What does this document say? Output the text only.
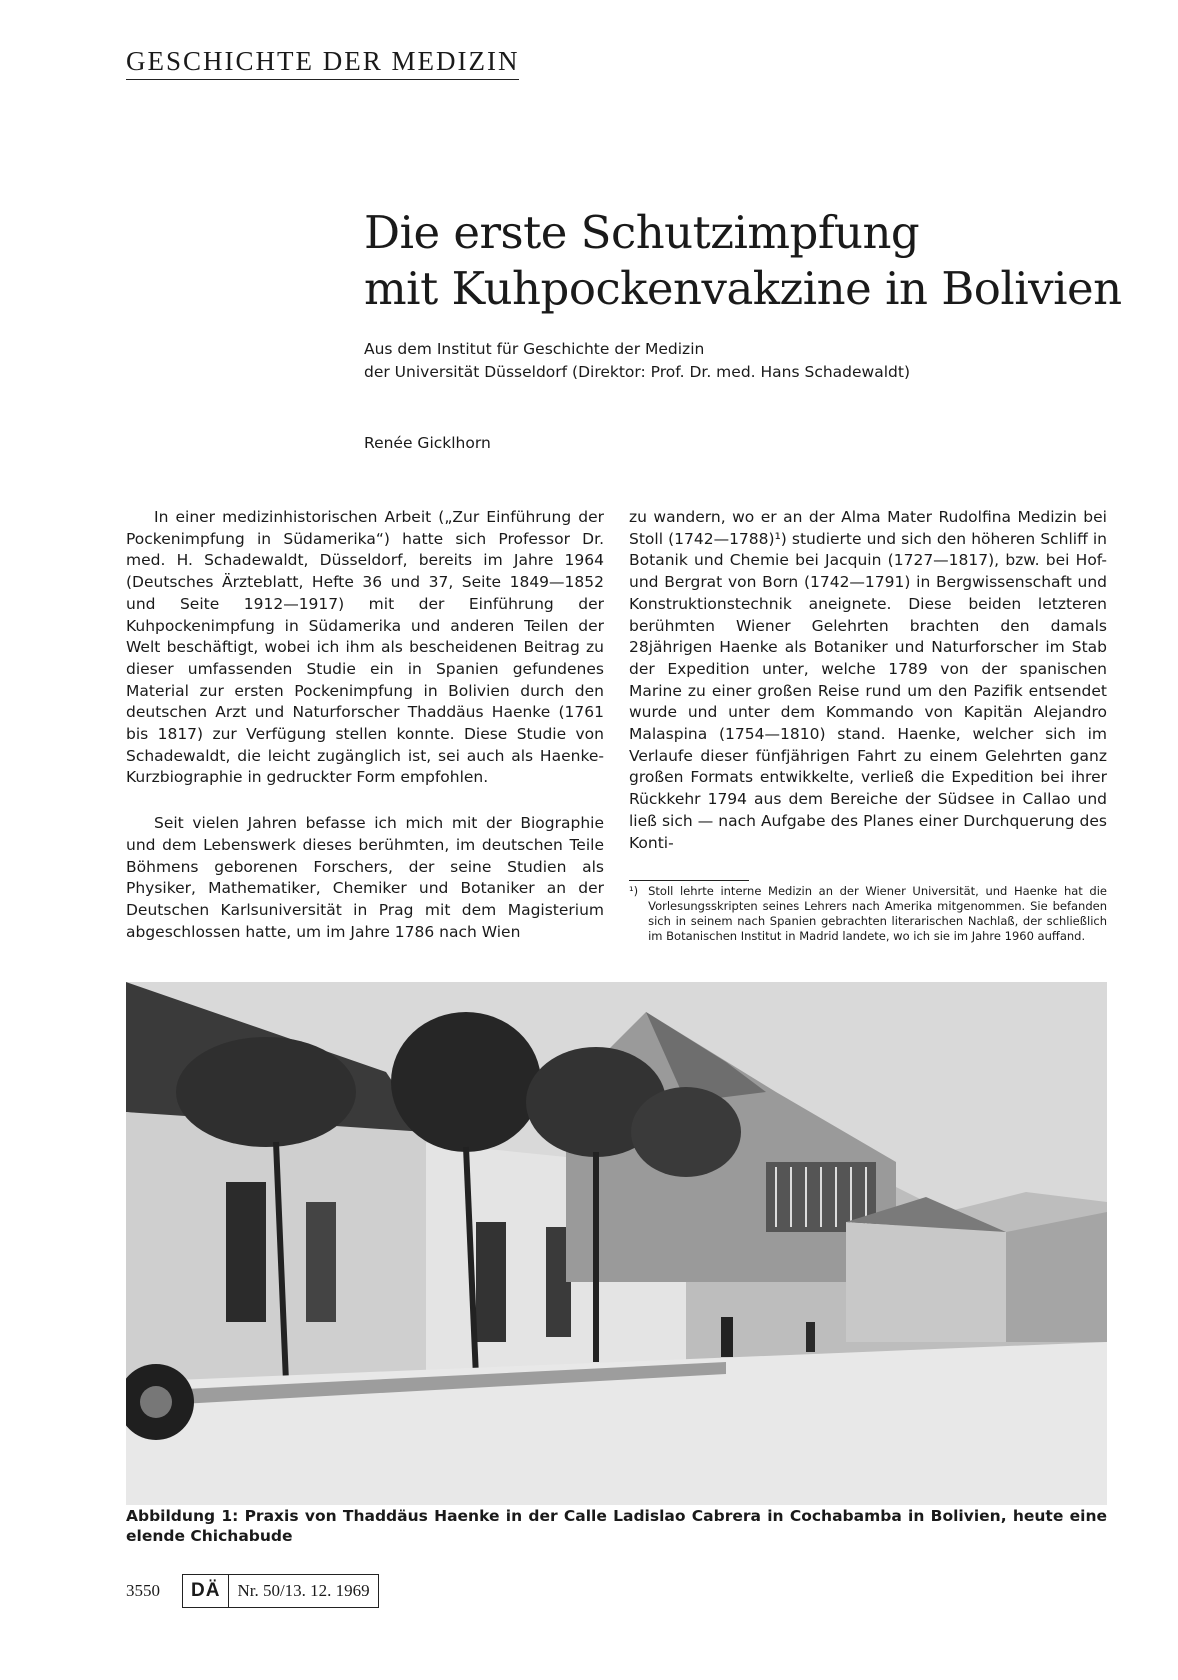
GESCHICHTE DER MEDIZIN
Die erste Schutzimpfung
mit Kuhpockenvakzine in Bolivien
Aus dem Institut für Geschichte der Medizin
der Universität Düsseldorf (Direktor: Prof. Dr. med. Hans Schadewaldt)
Renée Gicklhorn

In einer medizinhistorischen Arbeit („Zur Einführung der Pockenimpfung in Südamerika“) hatte sich Professor Dr. med. H. Schadewaldt, Düsseldorf, bereits im Jahre 1964 (Deutsches Ärzteblatt, Hefte 36 und 37, Seite 1849—1852 und Seite 1912—1917) mit der Einführung der Kuhpockenimpfung in Südamerika und anderen Teilen der Welt beschäftigt, wobei ich ihm als bescheidenen Beitrag zu dieser umfassenden Studie ein in Spanien gefundenes Material zur ersten Pockenimpfung in Bolivien durch den deutschen Arzt und Naturforscher Thaddäus Haenke (1761 bis 1817) zur Verfügung stellen konnte. Diese Studie von Schadewaldt, die leicht zugänglich ist, sei auch als Haenke-Kurzbiographie in gedruckter Form empfohlen.

Seit vielen Jahren befasse ich mich mit der Biographie und dem Lebenswerk dieses berühmten, im deutschen Teile Böhmens geborenen Forschers, der seine Studien als Physiker, Mathematiker, Chemiker und Botaniker an der Deutschen Karlsuniversität in Prag mit dem Magisterium abgeschlossen hatte, um im Jahre 1786 nach Wien

zu wandern, wo er an der Alma Mater Rudolfina Medizin bei Stoll (1742—1788)¹) studierte und sich den höheren Schliff in Botanik und Chemie bei Jacquin (1727—1817), bzw. bei Hof- und Bergrat von Born (1742—1791) in Bergwissenschaft und Konstruktionstechnik aneignete. Diese beiden letzteren berühmten Wiener Gelehrten brachten den damals 28jährigen Haenke als Botaniker und Naturforscher im Stab der Expedition unter, welche 1789 von der spanischen Marine zu einer großen Reise rund um den Pazifik entsendet wurde und unter dem Kommando von Kapitän Alejandro Malaspina (1754—1810) stand. Haenke, welcher sich im Verlaufe dieser fünfjährigen Fahrt zu einem Gelehrten ganz großen Formats entwikkelte, verließ die Expedition bei ihrer Rückkehr 1794 aus dem Bereiche der Südsee in Callao und ließ sich — nach Aufgabe des Planes einer Durchquerung des Konti-

¹) Stoll lehrte interne Medizin an der Wiener Universität, und Haenke hat die Vorlesungsskripten seines Lehrers nach Amerika mitgenommen. Sie befanden sich in seinem nach Spanien gebrachten literarischen Nachlaß, der schließlich im Botanischen Institut in Madrid landete, wo ich sie im Jahre 1960 auffand.
Abbildung 1: Praxis von Thaddäus Haenke in der Calle Ladislao Cabrera in Cochabamba in Bolivien, heute eine elende Chichabude
3550	DÄ	Nr. 50/13. 12. 1969
